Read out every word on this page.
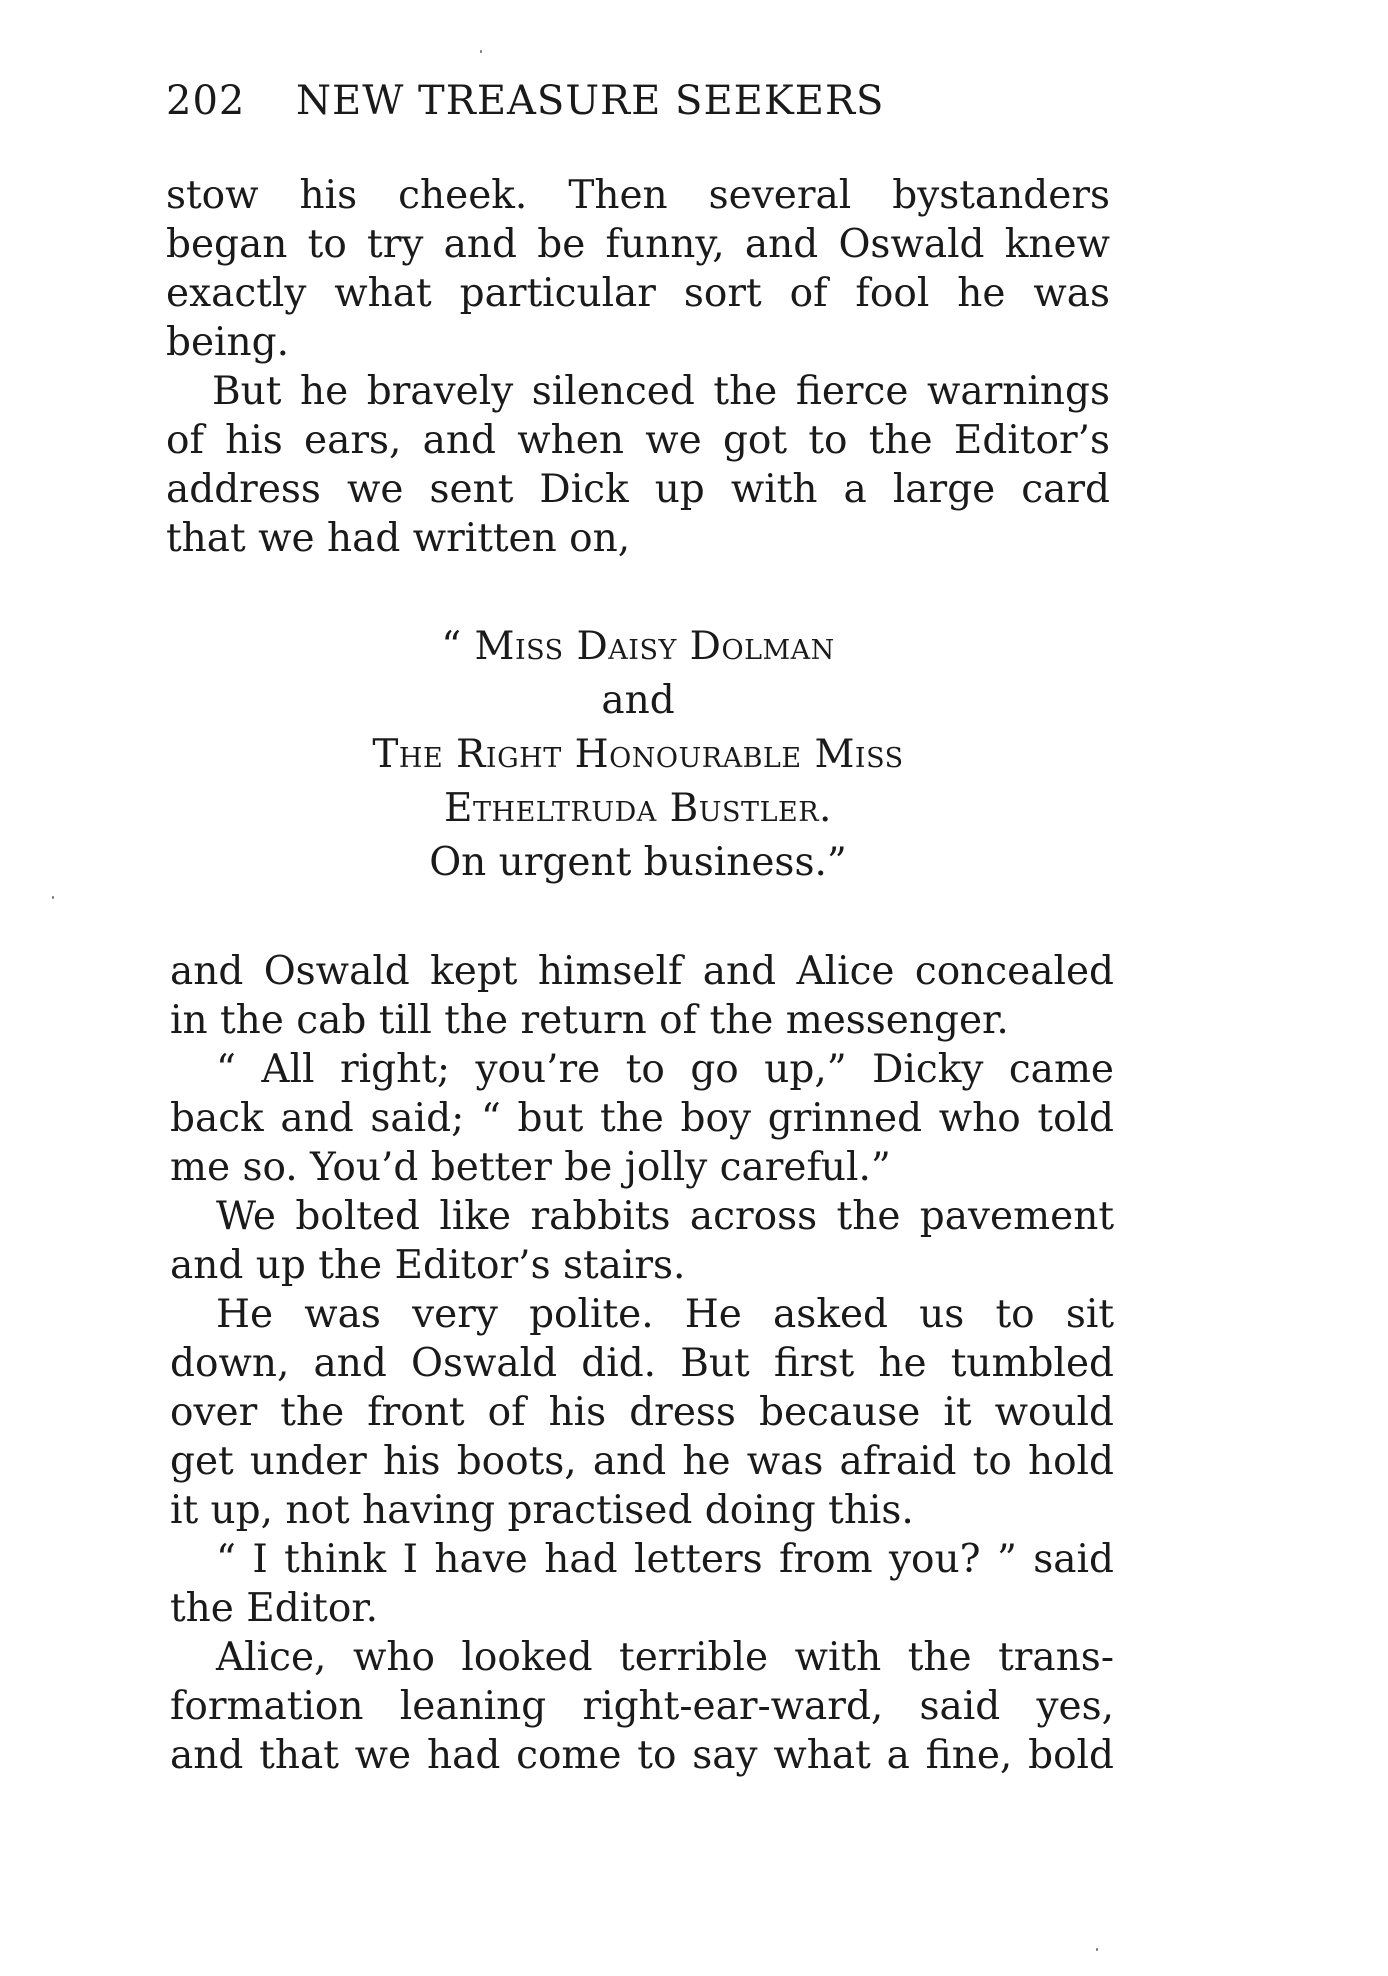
202 NEW TREASURE SEEKERS
stow his cheek. Then several bystanders
began to try and be funny, and Oswald knew
exactly what particular sort of fool he was
being.
But he bravely silenced the fierce warnings
of his ears, and when we got to the Editor’s
address we sent Dick up with a large card
that we had written on,
“ Miss Daisy Dolman
and
The Right Honourable Miss
Etheltruda Bustler.
On urgent business.”
and Oswald kept himself and Alice concealed
in the cab till the return of the messenger.
“ All right; you’re to go up,” Dicky came
back and said; “ but the boy grinned who told
me so. You’d better be jolly careful.”
We bolted like rabbits across the pavement
and up the Editor’s stairs.
He was very polite. He asked us to sit
down, and Oswald did. But first he tumbled
over the front of his dress because it would
get under his boots, and he was afraid to hold
it up, not having practised doing this.
“ I think I have had letters from you? ” said
the Editor.
Alice, who looked terrible with the trans-
formation leaning right-ear-ward, said yes,
and that we had come to say what a fine, bold
